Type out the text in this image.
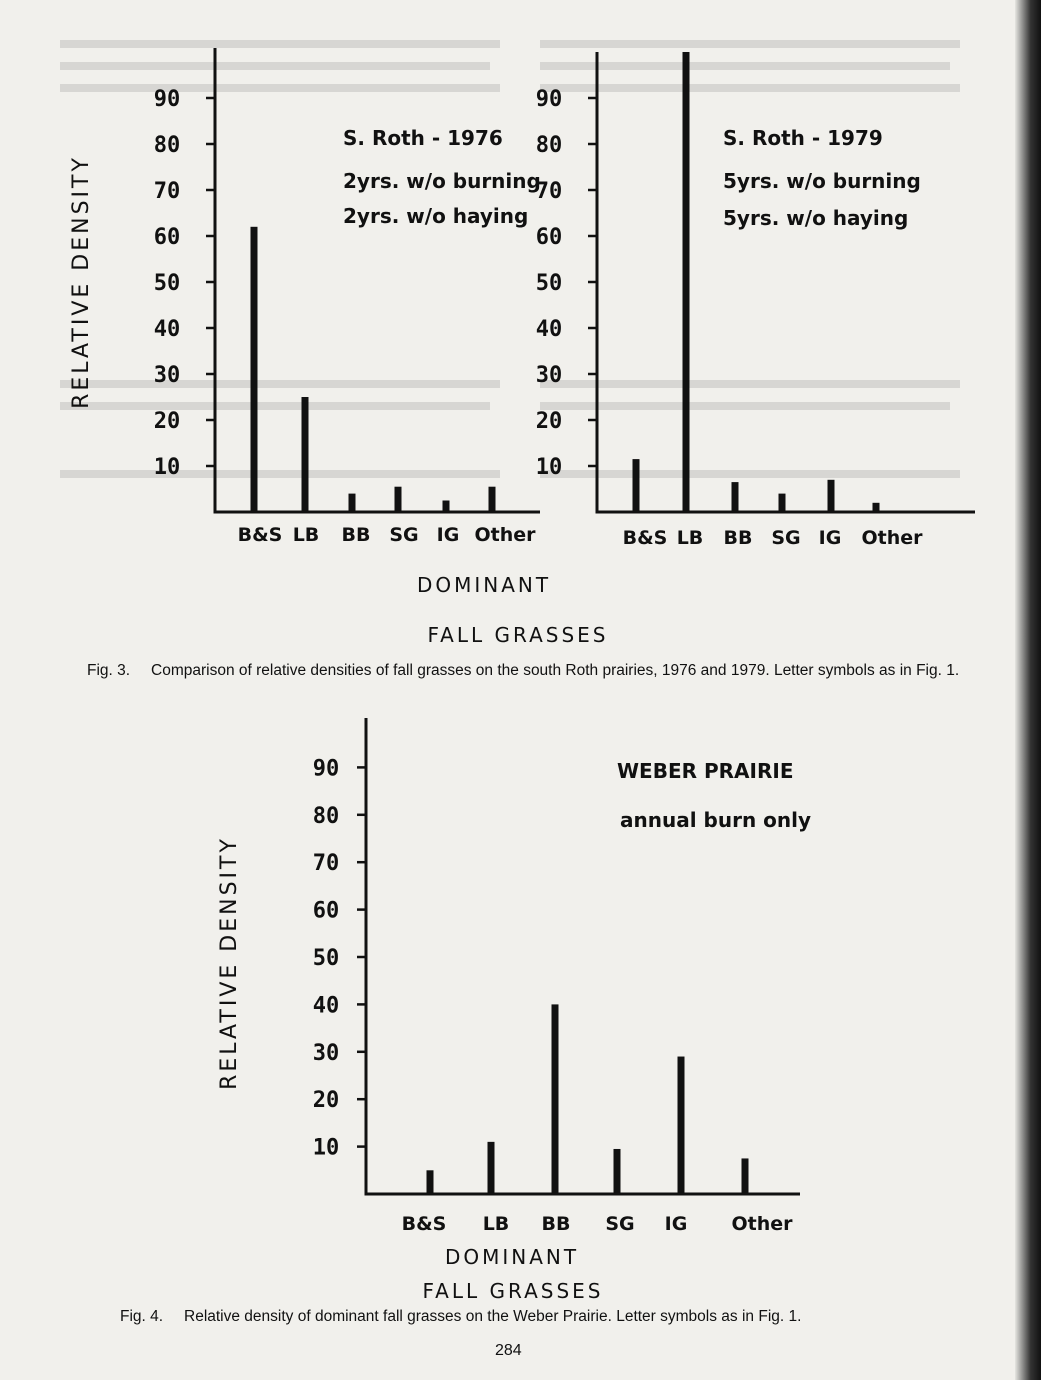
RELATIVE DENSITY
10
20
30
40
50
60
70
80
90
B&S LB BB SG IG Other
S. Roth - 1976
2yrs. w/o burning
2yrs. w/o haying
10
20
30
40
50
60
70
80
90
B&S LB BB SG IG Other
S. Roth - 1979
5yrs. w/o burning
5yrs. w/o haying
DOMINANT
FALL GRASSES
Fig. 3. Comparison of relative densities of fall grasses on the south Roth prairies, 1976 and 1979. Letter symbols as in Fig. 1.
RELATIVE DENSITY
10
20
30
40
50
60
70
80
90
B&S LB BB SG IG Other
WEBER PRAIRIE
annual burn only
DOMINANT
FALL GRASSES
Fig. 4. Relative density of dominant fall grasses on the Weber Prairie. Letter symbols as in Fig. 1.
284
